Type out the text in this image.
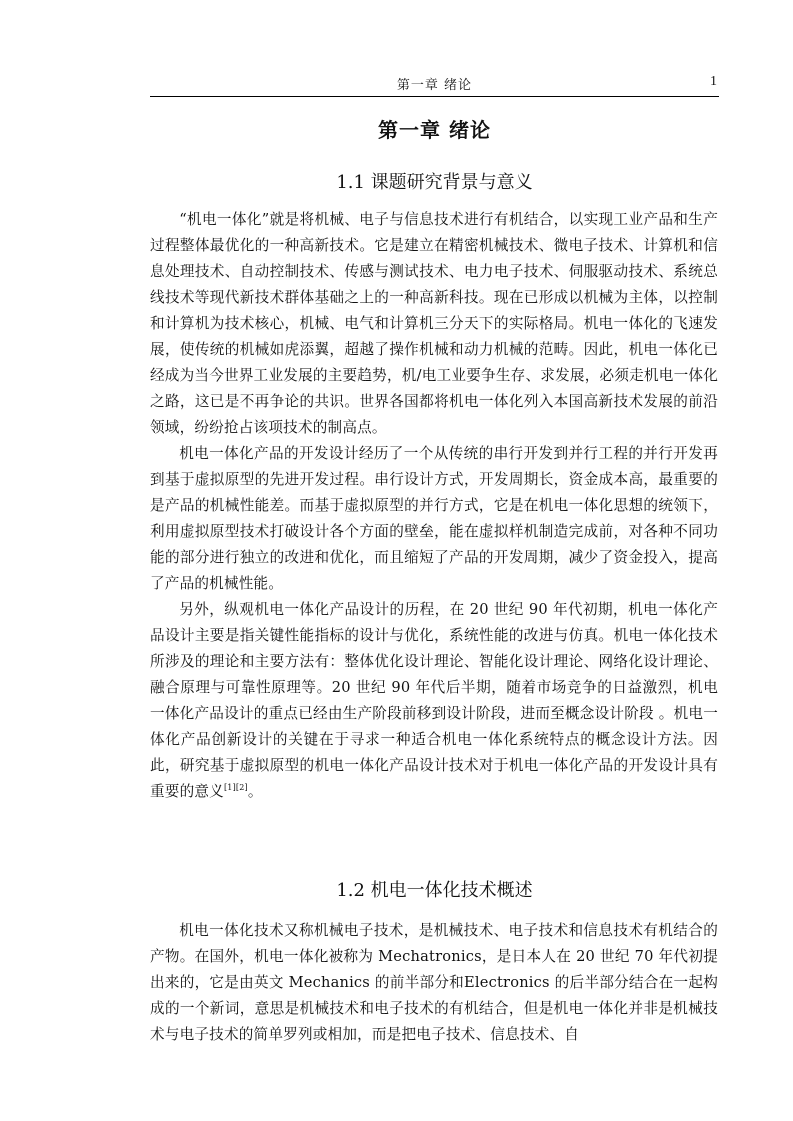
第一章 绪论	1
第一章 绪论
1.1 课题研究背景与意义

“机电一体化”就是将机械、电子与信息技术进行有机结合，以实现工业产品和生产过程整体最优化的一种高新技术。它是建立在精密机械技术、微电子技术、计算机和信息处理技术、自动控制技术、传感与测试技术、电力电子技术、伺服驱动技术、系统总线技术等现代新技术群体基础之上的一种高新科技。现在已形成以机械为主体，以控制和计算机为技术核心，机械、电气和计算机三分天下的实际格局。机电一体化的飞速发展，使传统的机械如虎添翼，超越了操作机械和动力机械的范畴。因此，机电一体化已经成为当今世界工业发展的主要趋势，机/电工业要争生存、求发展，必须走机电一体化之路，这已是不再争论的共识。世界各国都将机电一体化列入本国高新技术发展的前沿领域，纷纷抢占该项技术的制高点。

机电一体化产品的开发设计经历了一个从传统的串行开发到并行工程的并行开发再到基于虚拟原型的先进开发过程。串行设计方式，开发周期长，资金成本高，最重要的是产品的机械性能差。而基于虚拟原型的并行方式，它是在机电一体化思想的统领下，利用虚拟原型技术打破设计各个方面的壁垒，能在虚拟样机制造完成前，对各种不同功能的部分进行独立的改进和优化，而且缩短了产品的开发周期，减少了资金投入，提高了产品的机械性能。

另外，纵观机电一体化产品设计的历程，在 20 世纪 90 年代初期，机电一体化产品设计主要是指关键性能指标的设计与优化，系统性能的改进与仿真。机电一体化技术所涉及的理论和主要方法有：整体优化设计理论、智能化设计理论、网络化设计理论、融合原理与可靠性原理等。20 世纪 90 年代后半期，随着市场竞争的日益激烈，机电一体化产品设计的重点已经由生产阶段前移到设计阶段，进而至概念设计阶段 。机电一体化产品创新设计的关键在于寻求一种适合机电一体化系统特点的概念设计方法。因此，研究基于虚拟原型的机电一体化产品设计技术对于机电一体化产品的开发设计具有重要的意义[1][2]。

1.2 机电一体化技术概述

机电一体化技术又称机械电子技术，是机械技术、电子技术和信息技术有机结合的产物。在国外，机电一体化被称为 Mechatronics，是日本人在 20 世纪 70 年代初提出来的，它是由英文 Mechanics 的前半部分和Electronics 的后半部分结合在一起构成的一个新词，意思是机械技术和电子技术的有机结合，但是机电一体化并非是机械技术与电子技术的简单罗列或相加，而是把电子技术、信息技术、自
